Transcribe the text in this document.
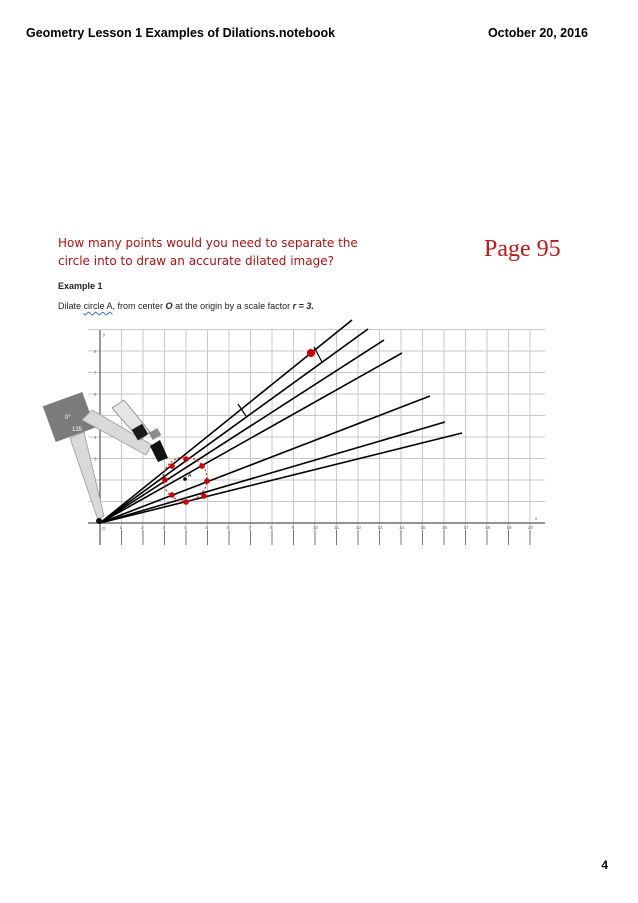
Geometry Lesson 1 Examples of Dilations.notebook	October 20, 2016
How many points would you need to separate the circle into to draw an accurate dilated image?	Page 95
Example 1
Dilate circle A, from center O at the origin by a scale factor r = 3.
1	2	3	4	5	6	7	8	9	10	11	12	13	14	15	16	17	18	19	20
3
4
6
7
8
x
y
O
A
0°
135
4
